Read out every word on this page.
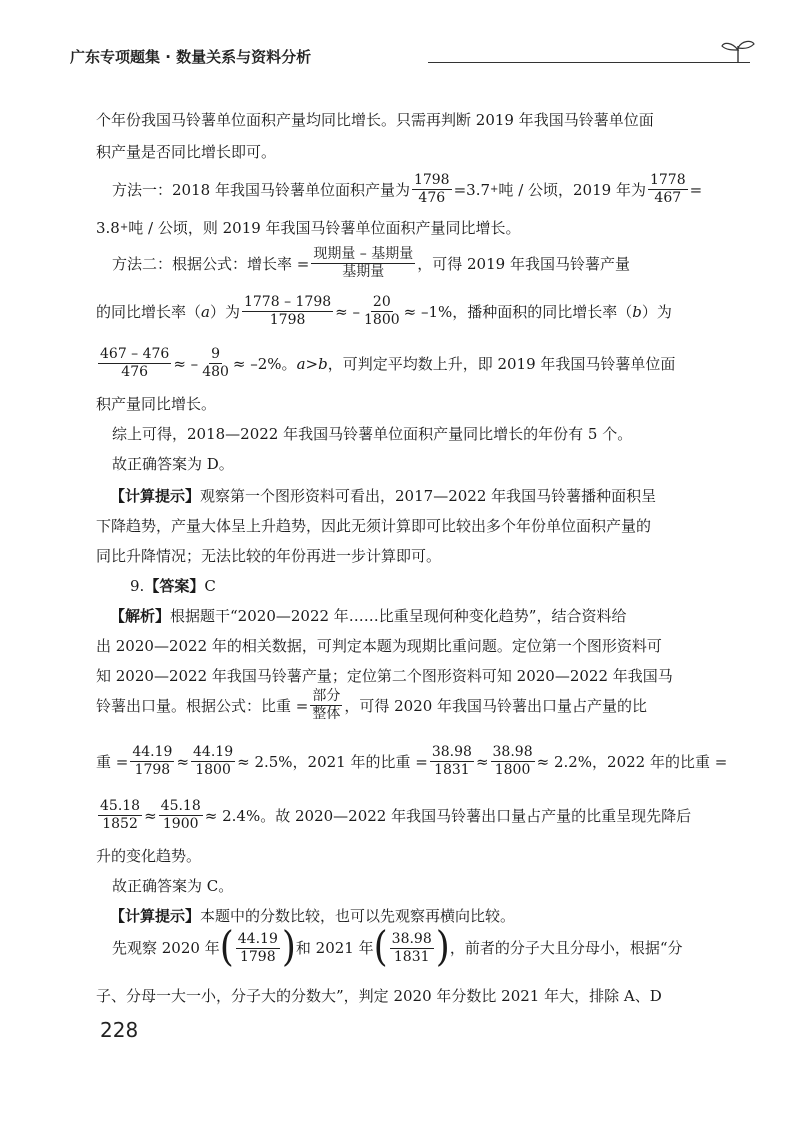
广东专项题集 · 数量关系与资料分析
个年份我国马铃薯单位面积产量均同比增长。只需再判断 2019 年我国马铃薯单位面
积产量是否同比增长即可。
方法一：2018 年我国马铃薯单位面积产量为 $\frac{1798}{476} =3.7$ + 吨 / 公顷，2019 年为 $\frac{1778}{467}$ =
3.8 + 吨 / 公顷，则 2019 年我国马铃薯单位面积产量同比增长。
方法二：根据公式：增长率 = $\frac{\text{现期量 – 基期量}}{\text{基期量}}$ ，可得 2019 年我国马铃薯产量
的同比增长率（ a ）为 $\frac{1778 - 1798}{1798}$ ≈ – $\frac{20}{1800} \approx -1\%$，播种面积的同比增长率（ b ）为
$\frac{467 - 476}{476}$ ≈ – $\frac{9}{480} \approx -2\%$。 a > b ，可判定平均数上升，即 2019 年我国马铃薯单位面
积产量同比增长。
综上可得，2018—2022 年我国马铃薯单位面积产量同比增长的年份有 5 个。
故正确答案为 D。
【计算提示】 观察第一个图形资料可看出，2017—2022 年我国马铃薯播种面积呈
下降趋势，产量大体呈上升趋势，因此无须计算即可比较出多个年份单位面积产量的
同比升降情况；无法比较的年份再进一步计算即可。
9. 【答案】 C
【解析】 根据题干“2020—2022 年……比重呈现何种变化趋势”，结合资料给
出 2020—2022 年的相关数据，可判定本题为现期比重问题。定位第一个图形资料可
知 2020—2022 年我国马铃薯产量；定位第二个图形资料可知 2020—2022 年我国马
铃薯出口量。根据公式：比重 = $\frac{\text{部分}}{\text{整体}}$ ，可得 2020 年我国马铃薯出口量占产量的比
重 = $\frac{44.19}{1798} \approx \frac{44.19}{1800} \approx 2.5\%$，2021 年的比重 = $\frac{38.98}{1831} \approx \frac{38.98}{1800} \approx 2.2\%$，2022 年的比重 =
$\frac{45.18}{1852} \approx \frac{45.18}{1900} \approx 2.4\%$。故 2020—2022 年我国马铃薯出口量占产量的比重呈现先降后
升的变化趋势。
故正确答案为 C。
【计算提示】 本题中的分数比较，也可以先观察再横向比较。
先观察 2020 年 ( $\frac{44.19}{1798}$ ) 和 2021 年 ( $\frac{38.98}{1831}$ ) ，前者的分子大且分母小，根据“分
子、分母一大一小，分子大的分数大”，判定 2020 年分数比 2021 年大，排除 A、D
228
